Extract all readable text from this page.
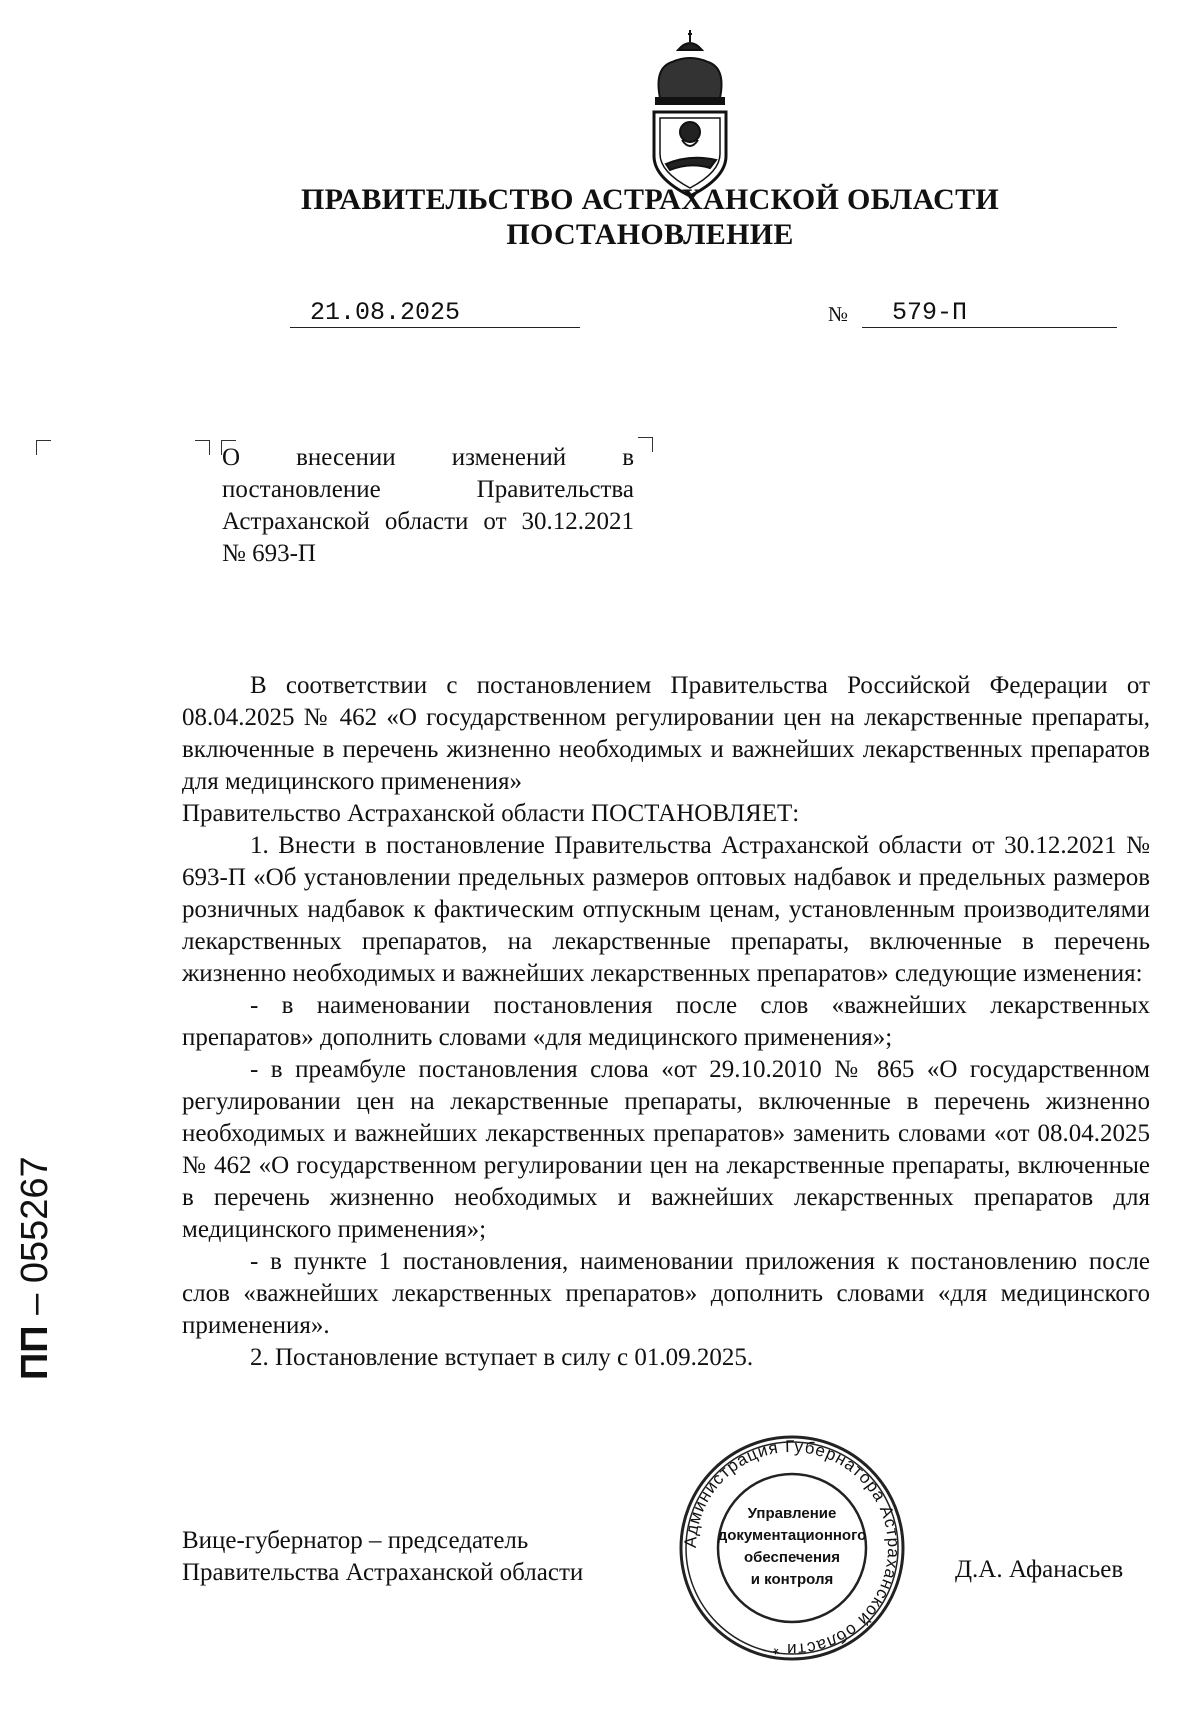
ПРАВИТЕЛЬСТВО АСТРАХАНСКОЙ ОБЛАСТИ
ПОСТАНОВЛЕНИЕ
21.08.2025	№	579-П
О внесении изменений в постановление Правительства Астраханской области от 30.12.2021 № 693-П

В соответствии с постановлением Правительства Российской Федерации от 08.04.2025 № 462 «О государственном регулировании цен на лекарственные препараты, включенные в перечень жизненно необходимых и важнейших лекарственных препаратов для медицинского применения»

Правительство Астраханской области ПОСТАНОВЛЯЕТ:

1. Внести в постановление Правительства Астраханской области от 30.12.2021 № 693-П «Об установлении предельных размеров оптовых надбавок и предельных размеров розничных надбавок к фактическим отпускным ценам, установленным производителями лекарственных препаратов, на лекарственные препараты, включенные в перечень жизненно необходимых и важнейших лекарственных препаратов» следующие изменения:

- в наименовании постановления после слов «важнейших лекарственных препаратов» дополнить словами «для медицинского применения»;

- в преамбуле постановления слова «от 29.10.2010 № 865 «О государственном регулировании цен на лекарственные препараты, включенные в перечень жизненно необходимых и важнейших лекарственных препаратов» заменить словами «от 08.04.2025 № 462 «О государственном регулировании цен на лекарственные препараты, включенные в перечень жизненно необходимых и важнейших лекарственных препаратов для медицинского применения»;

- в пункте 1 постановления, наименовании приложения к постановлению после слов «важнейших лекарственных препаратов» дополнить словами «для медицинского применения».

2. Постановление вступает в силу с 01.09.2025.

ПП – 055267
Вице-губернатор – председатель
Правительства Астраханской области
Администрация Губернатора Астраханской области *
Управление
документационного
обеспечения
и контроля	Д.А. Афанасьев
